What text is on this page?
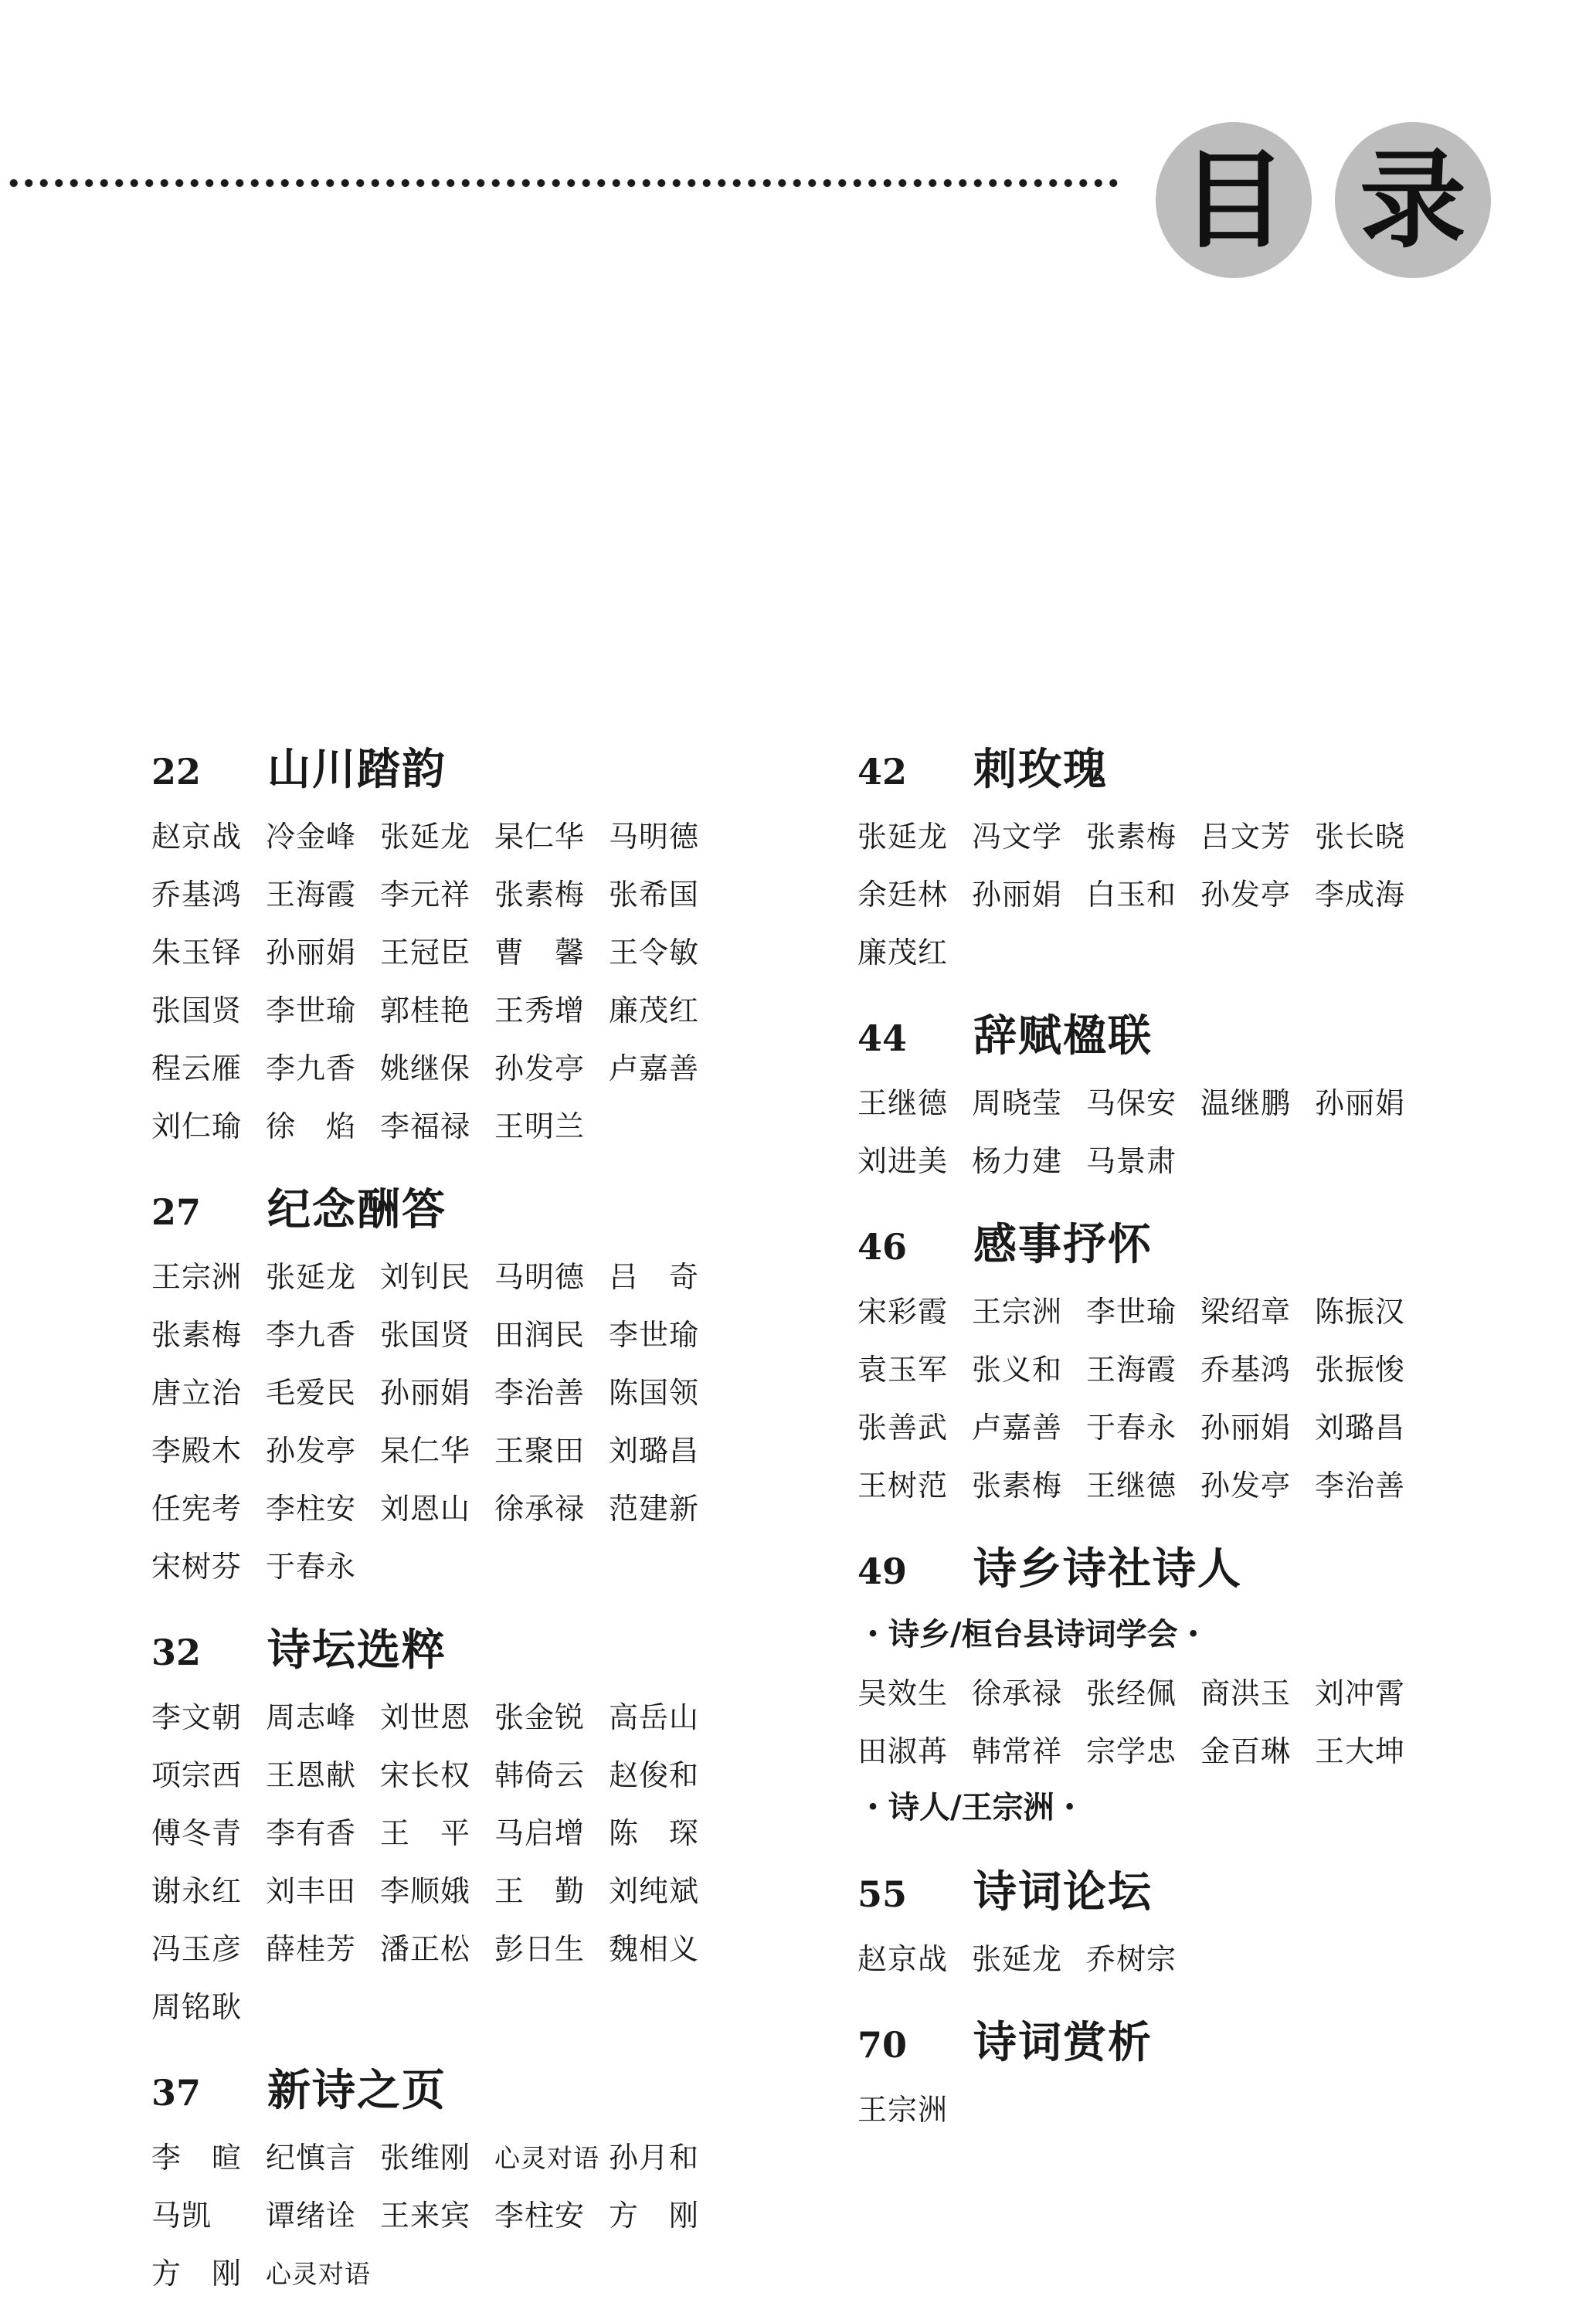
目 录
22	山川踏韵
赵京战 冷金峰 张延龙 杲仁华 马明德
乔基鸿 王海霞 李元祥 张素梅 张希国
朱玉铎 孙丽娟 王冠臣 曹　馨 王令敏
张国贤 李世瑜 郭桂艳 王秀增 廉茂红
程云雁 李九香 姚继保 孙发亭 卢嘉善
刘仁瑜 徐　焰 李福禄 王明兰
27	纪念酬答
王宗洲 张延龙 刘钊民 马明德 吕　奇
张素梅 李九香 张国贤 田润民 李世瑜
唐立治 毛爱民 孙丽娟 李治善 陈国领
李殿木 孙发亭 杲仁华 王聚田 刘璐昌
任宪考 李柱安 刘恩山 徐承禄 范建新
宋树芬 于春永
32	诗坛选粹
李文朝 周志峰 刘世恩 张金锐 高岳山
项宗西 王恩献 宋长权 韩倚云 赵俊和
傅冬青 李有香 王　平 马启增 陈　琛
谢永红 刘丰田 李顺娥 王　勤 刘纯斌
冯玉彦 薛桂芳 潘正松 彭日生 魏相义
周铭耿
37	新诗之页
李　暄 纪慎言 张维刚 心灵对语 孙月和
马凯	谭绪诠 王来宾 李柱安 方　刚
方　刚 心灵对语
42	刺玫瑰
张延龙 冯文学 张素梅 吕文芳 张长晓
余廷林 孙丽娟 白玉和 孙发亭 李成海
廉茂红
44	辞赋楹联
王继德 周晓莹 马保安 温继鹏 孙丽娟
刘进美 杨力建 马景肃
46	感事抒怀
宋彩霞 王宗洲 李世瑜 梁绍章 陈振汉
袁玉军 张义和 王海霞 乔基鸿 张振悛
张善武 卢嘉善 于春永 孙丽娟 刘璐昌
王树范 张素梅 王继德 孙发亭 李治善
49	诗乡诗社诗人
・诗乡/桓台县诗词学会・
吴效生 徐承禄 张经佩 商洪玉 刘冲霄
田淑苒 韩常祥 宗学忠 金百琳 王大坤
・诗人/王宗洲・
55	诗词论坛
赵京战 张延龙 乔树宗
70	诗词赏析
王宗洲
